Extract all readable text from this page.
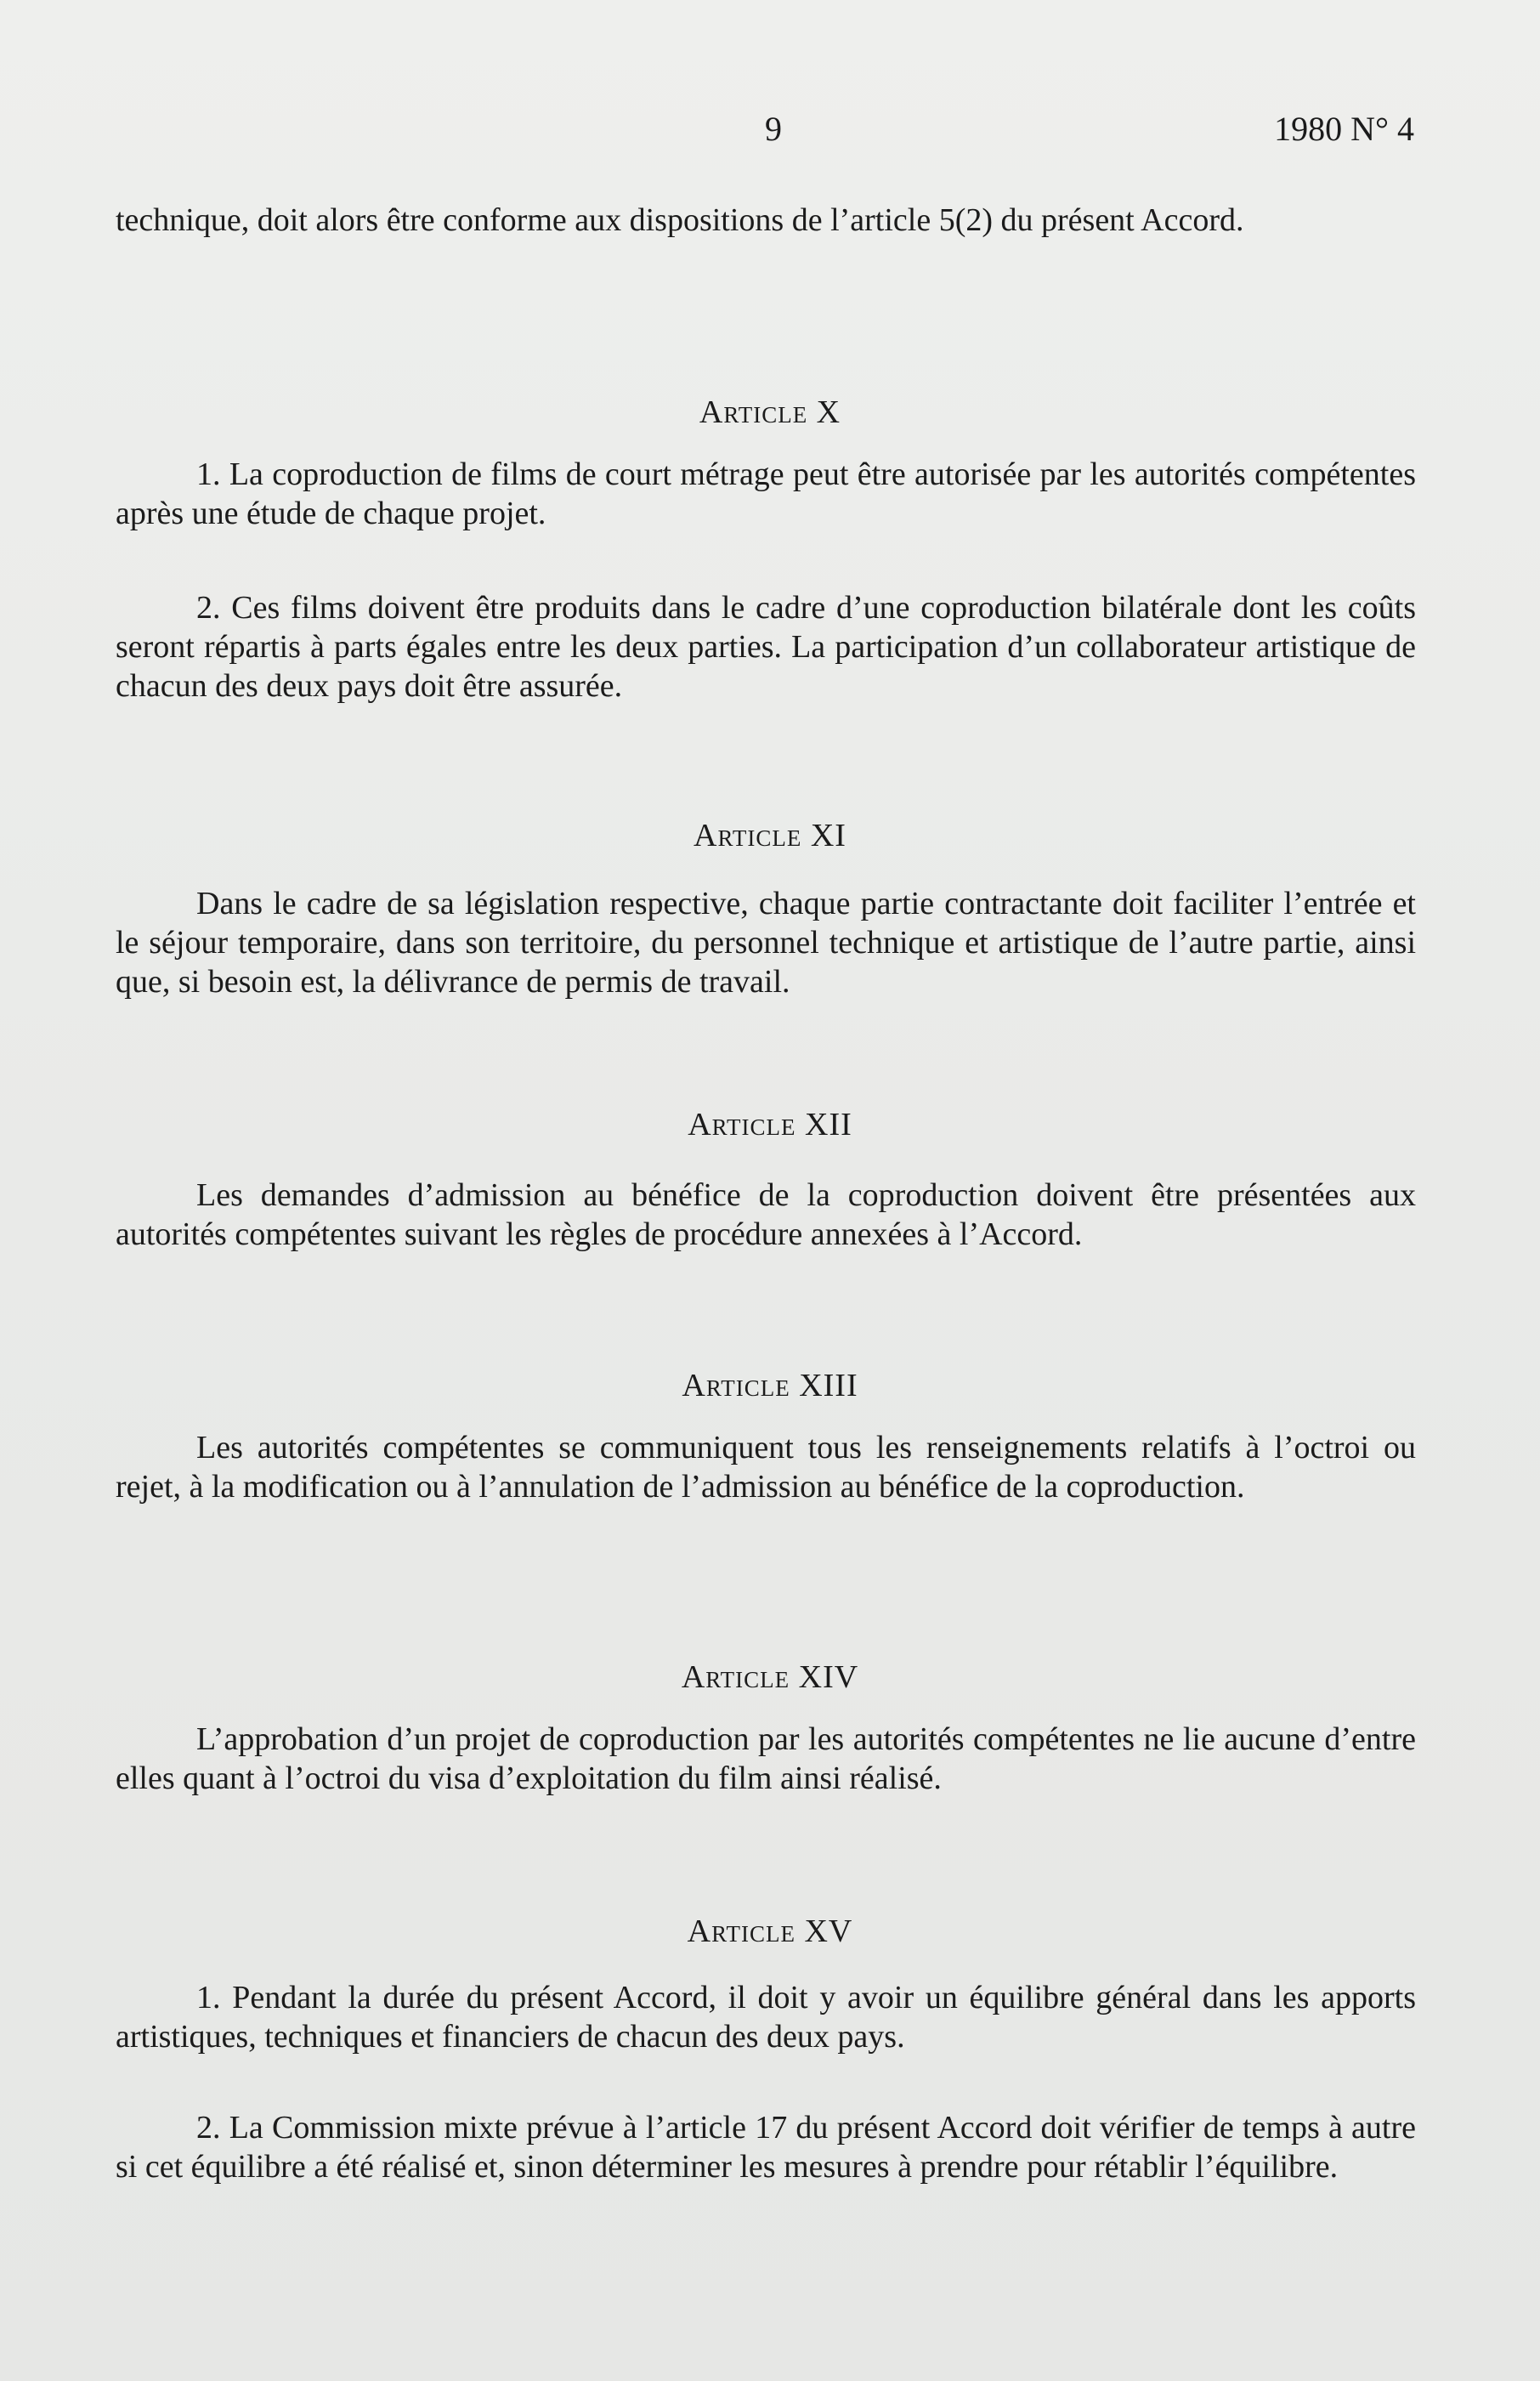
9	1980 N° 4
technique, doit alors être conforme aux dispositions de l’article 5(2) du présent Accord.
Article X
1. La coproduction de films de court métrage peut être autorisée par les autorités compétentes après une étude de chaque projet.
2. Ces films doivent être produits dans le cadre d’une coproduction bilatérale dont les coûts seront répartis à parts égales entre les deux parties. La participation d’un collaborateur artistique de chacun des deux pays doit être assurée.
Article XI
Dans le cadre de sa législation respective, chaque partie contractante doit faciliter l’entrée et le séjour temporaire, dans son territoire, du personnel technique et artistique de l’autre partie, ainsi que, si besoin est, la délivrance de permis de travail.
Article XII
Les demandes d’admission au bénéfice de la coproduction doivent être présentées aux autorités compétentes suivant les règles de procédure annexées à l’Accord.
Article XIII
Les autorités compétentes se communiquent tous les renseignements relatifs à l’octroi ou rejet, à la modification ou à l’annulation de l’admission au bénéfice de la coproduction.
Article XIV
L’approbation d’un projet de coproduction par les autorités compétentes ne lie aucune d’entre elles quant à l’octroi du visa d’exploitation du film ainsi réalisé.
Article XV
1. Pendant la durée du présent Accord, il doit y avoir un équilibre général dans les apports artistiques, techniques et financiers de chacun des deux pays.
2. La Commission mixte prévue à l’article 17 du présent Accord doit vérifier de temps à autre si cet équilibre a été réalisé et, sinon déterminer les mesures à prendre pour rétablir l’équilibre.
